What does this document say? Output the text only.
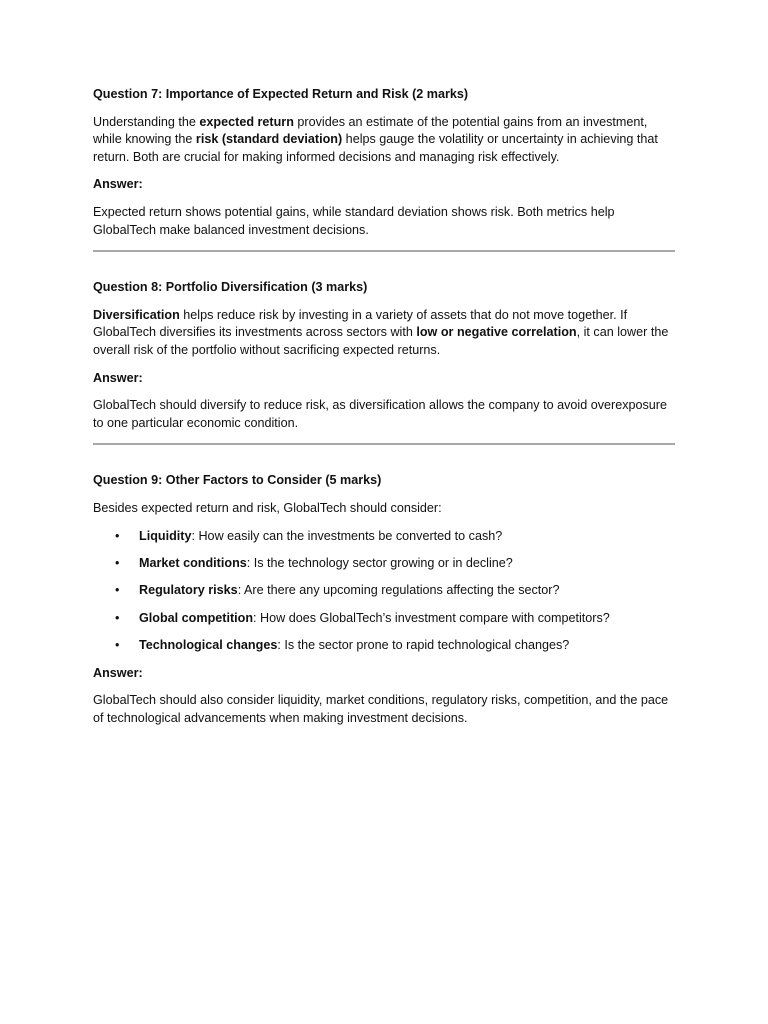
Question 7: Importance of Expected Return and Risk (2 marks)

Understanding the expected return provides an estimate of the potential gains from an investment, while knowing the risk (standard deviation) helps gauge the volatility or uncertainty in achieving that return. Both are crucial for making informed decisions and managing risk effectively.

Answer:

Expected return shows potential gains, while standard deviation shows risk. Both metrics help GlobalTech make balanced investment decisions.

Question 8: Portfolio Diversification (3 marks)

Diversification helps reduce risk by investing in a variety of assets that do not move together. If GlobalTech diversifies its investments across sectors with low or negative correlation, it can lower the overall risk of the portfolio without sacrificing expected returns.

Answer:

GlobalTech should diversify to reduce risk, as diversification allows the company to avoid overexposure to one particular economic condition.

Question 9: Other Factors to Consider (5 marks)

Besides expected return and risk, GlobalTech should consider:

• Liquidity: How easily can the investments be converted to cash?
• Market conditions: Is the technology sector growing or in decline?
• Regulatory risks: Are there any upcoming regulations affecting the sector?
• Global competition: How does GlobalTech’s investment compare with competitors?
• Technological changes: Is the sector prone to rapid technological changes?

Answer:

GlobalTech should also consider liquidity, market conditions, regulatory risks, competition, and the pace of technological advancements when making investment decisions.
